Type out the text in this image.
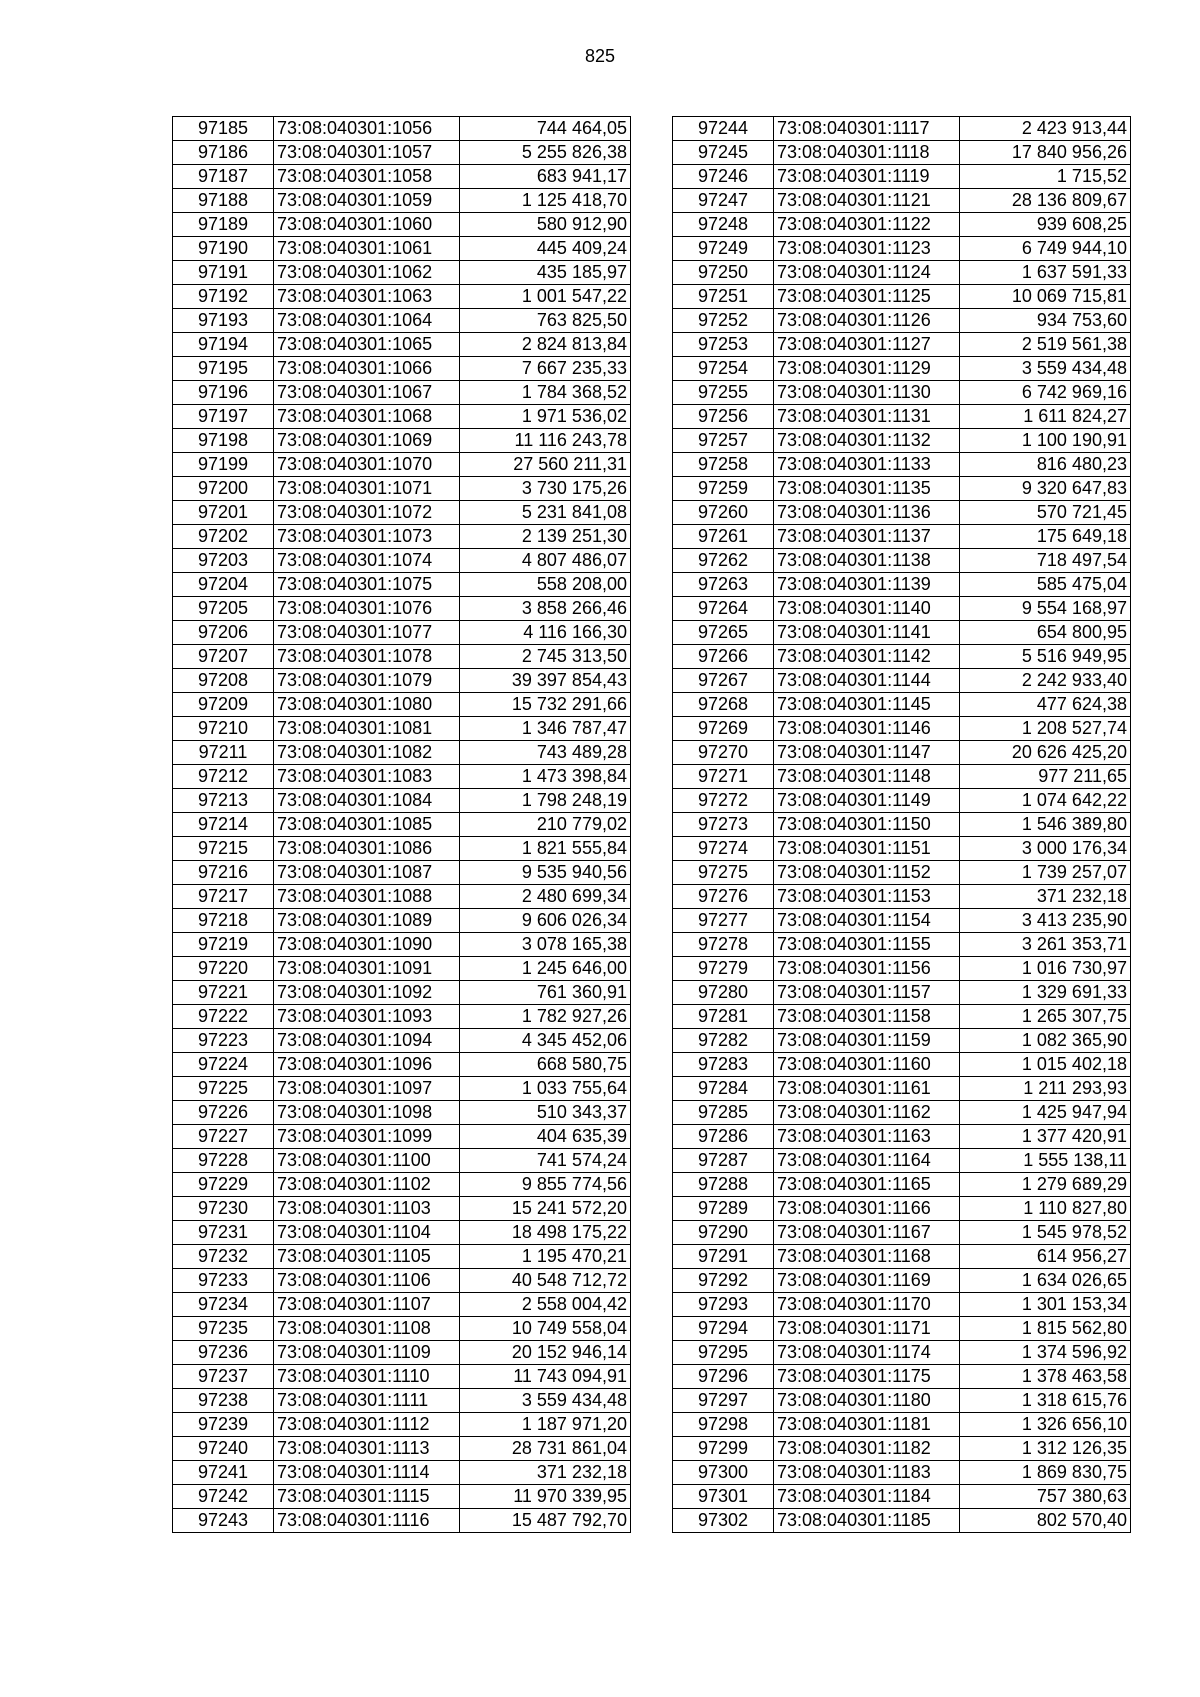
825
97185	73:08:040301:1056	744 464,05
97186	73:08:040301:1057	5 255 826,38
97187	73:08:040301:1058	683 941,17
97188	73:08:040301:1059	1 125 418,70
97189	73:08:040301:1060	580 912,90
97190	73:08:040301:1061	445 409,24
97191	73:08:040301:1062	435 185,97
97192	73:08:040301:1063	1 001 547,22
97193	73:08:040301:1064	763 825,50
97194	73:08:040301:1065	2 824 813,84
97195	73:08:040301:1066	7 667 235,33
97196	73:08:040301:1067	1 784 368,52
97197	73:08:040301:1068	1 971 536,02
97198	73:08:040301:1069	11 116 243,78
97199	73:08:040301:1070	27 560 211,31
97200	73:08:040301:1071	3 730 175,26
97201	73:08:040301:1072	5 231 841,08
97202	73:08:040301:1073	2 139 251,30
97203	73:08:040301:1074	4 807 486,07
97204	73:08:040301:1075	558 208,00
97205	73:08:040301:1076	3 858 266,46
97206	73:08:040301:1077	4 116 166,30
97207	73:08:040301:1078	2 745 313,50
97208	73:08:040301:1079	39 397 854,43
97209	73:08:040301:1080	15 732 291,66
97210	73:08:040301:1081	1 346 787,47
97211	73:08:040301:1082	743 489,28
97212	73:08:040301:1083	1 473 398,84
97213	73:08:040301:1084	1 798 248,19
97214	73:08:040301:1085	210 779,02
97215	73:08:040301:1086	1 821 555,84
97216	73:08:040301:1087	9 535 940,56
97217	73:08:040301:1088	2 480 699,34
97218	73:08:040301:1089	9 606 026,34
97219	73:08:040301:1090	3 078 165,38
97220	73:08:040301:1091	1 245 646,00
97221	73:08:040301:1092	761 360,91
97222	73:08:040301:1093	1 782 927,26
97223	73:08:040301:1094	4 345 452,06
97224	73:08:040301:1096	668 580,75
97225	73:08:040301:1097	1 033 755,64
97226	73:08:040301:1098	510 343,37
97227	73:08:040301:1099	404 635,39
97228	73:08:040301:1100	741 574,24
97229	73:08:040301:1102	9 855 774,56
97230	73:08:040301:1103	15 241 572,20
97231	73:08:040301:1104	18 498 175,22
97232	73:08:040301:1105	1 195 470,21
97233	73:08:040301:1106	40 548 712,72
97234	73:08:040301:1107	2 558 004,42
97235	73:08:040301:1108	10 749 558,04
97236	73:08:040301:1109	20 152 946,14
97237	73:08:040301:1110	11 743 094,91
97238	73:08:040301:1111	3 559 434,48
97239	73:08:040301:1112	1 187 971,20
97240	73:08:040301:1113	28 731 861,04
97241	73:08:040301:1114	371 232,18
97242	73:08:040301:1115	11 970 339,95
97243	73:08:040301:1116	15 487 792,70
97244	73:08:040301:1117	2 423 913,44
97245	73:08:040301:1118	17 840 956,26
97246	73:08:040301:1119	1 715,52
97247	73:08:040301:1121	28 136 809,67
97248	73:08:040301:1122	939 608,25
97249	73:08:040301:1123	6 749 944,10
97250	73:08:040301:1124	1 637 591,33
97251	73:08:040301:1125	10 069 715,81
97252	73:08:040301:1126	934 753,60
97253	73:08:040301:1127	2 519 561,38
97254	73:08:040301:1129	3 559 434,48
97255	73:08:040301:1130	6 742 969,16
97256	73:08:040301:1131	1 611 824,27
97257	73:08:040301:1132	1 100 190,91
97258	73:08:040301:1133	816 480,23
97259	73:08:040301:1135	9 320 647,83
97260	73:08:040301:1136	570 721,45
97261	73:08:040301:1137	175 649,18
97262	73:08:040301:1138	718 497,54
97263	73:08:040301:1139	585 475,04
97264	73:08:040301:1140	9 554 168,97
97265	73:08:040301:1141	654 800,95
97266	73:08:040301:1142	5 516 949,95
97267	73:08:040301:1144	2 242 933,40
97268	73:08:040301:1145	477 624,38
97269	73:08:040301:1146	1 208 527,74
97270	73:08:040301:1147	20 626 425,20
97271	73:08:040301:1148	977 211,65
97272	73:08:040301:1149	1 074 642,22
97273	73:08:040301:1150	1 546 389,80
97274	73:08:040301:1151	3 000 176,34
97275	73:08:040301:1152	1 739 257,07
97276	73:08:040301:1153	371 232,18
97277	73:08:040301:1154	3 413 235,90
97278	73:08:040301:1155	3 261 353,71
97279	73:08:040301:1156	1 016 730,97
97280	73:08:040301:1157	1 329 691,33
97281	73:08:040301:1158	1 265 307,75
97282	73:08:040301:1159	1 082 365,90
97283	73:08:040301:1160	1 015 402,18
97284	73:08:040301:1161	1 211 293,93
97285	73:08:040301:1162	1 425 947,94
97286	73:08:040301:1163	1 377 420,91
97287	73:08:040301:1164	1 555 138,11
97288	73:08:040301:1165	1 279 689,29
97289	73:08:040301:1166	1 110 827,80
97290	73:08:040301:1167	1 545 978,52
97291	73:08:040301:1168	614 956,27
97292	73:08:040301:1169	1 634 026,65
97293	73:08:040301:1170	1 301 153,34
97294	73:08:040301:1171	1 815 562,80
97295	73:08:040301:1174	1 374 596,92
97296	73:08:040301:1175	1 378 463,58
97297	73:08:040301:1180	1 318 615,76
97298	73:08:040301:1181	1 326 656,10
97299	73:08:040301:1182	1 312 126,35
97300	73:08:040301:1183	1 869 830,75
97301	73:08:040301:1184	757 380,63
97302	73:08:040301:1185	802 570,40
